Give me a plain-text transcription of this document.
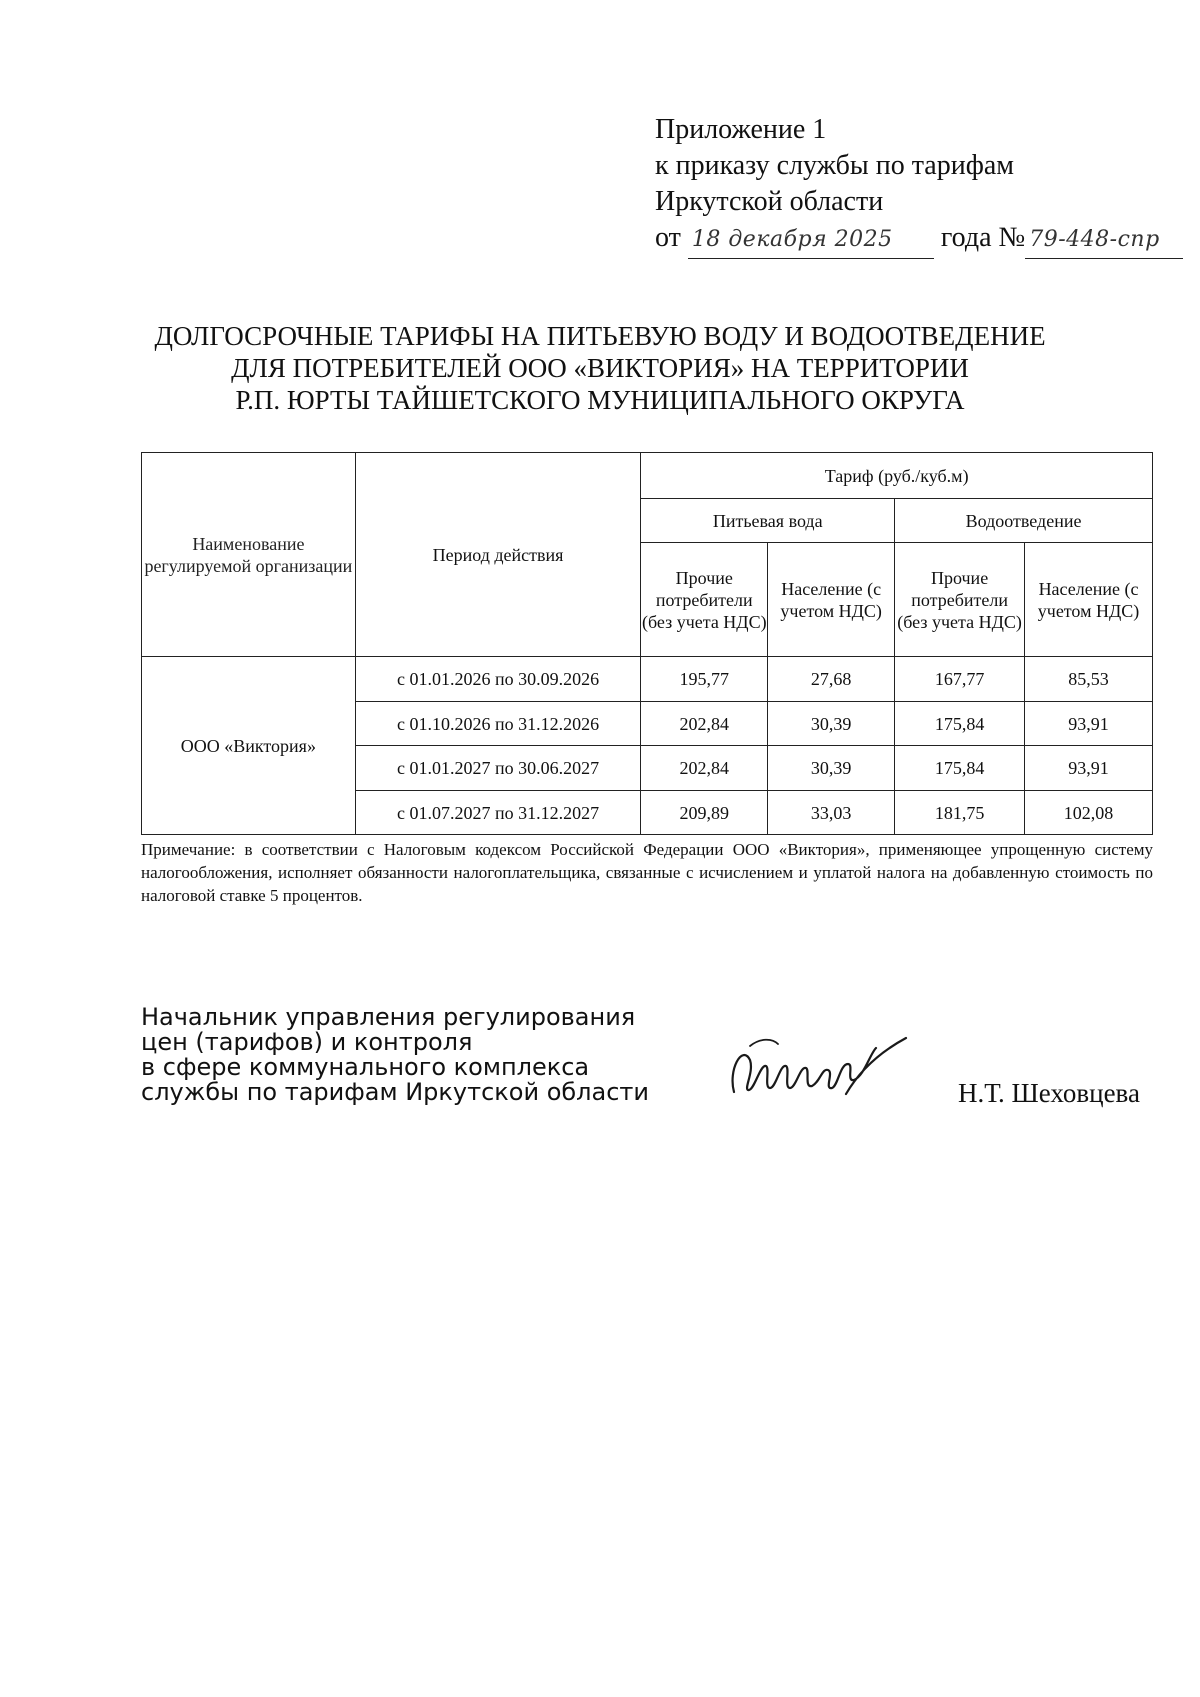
Приложение 1
к приказу службы по тарифам
Иркутской области
от 18 декабря 2025 года № 79-448-спр
ДОЛГОСРОЧНЫЕ ТАРИФЫ НА ПИТЬЕВУЮ ВОДУ И ВОДООТВЕДЕНИЕ
ДЛЯ ПОТРЕБИТЕЛЕЙ ООО «ВИКТОРИЯ» НА ТЕРРИТОРИИ
Р.П. ЮРТЫ ТАЙШЕТСКОГО МУНИЦИПАЛЬНОГО ОКРУГА
Наименование регулируемой организации	Период действия	Тариф (руб./куб.м)			
		Питьевая вода		Водоотведение	
		Прочие потребители (без учета НДС)	Население (с учетом НДС)	Прочие потребители (без учета НДС)	Население (с учетом НДС)
ООО «Виктория»	с 01.01.2026 по 30.09.2026	195,77	27,68	167,77	85,53
	с 01.10.2026 по 31.12.2026	202,84	30,39	175,84	93,91
	с 01.01.2027 по 30.06.2027	202,84	30,39	175,84	93,91
	с 01.07.2027 по 31.12.2027	209,89	33,03	181,75	102,08
Примечание: в соответствии с Налоговым кодексом Российской Федерации ООО «Виктория», применяющее упрощенную систему налогообложения, исполняет обязанности налогоплательщика, связанные с исчислением и уплатой налога на добавленную стоимость по налоговой ставке 5 процентов.
Начальник управления регулирования
цен (тарифов) и контроля
в сфере коммунального комплекса
службы по тарифам Иркутской области	Н.Т. Шеховцева
